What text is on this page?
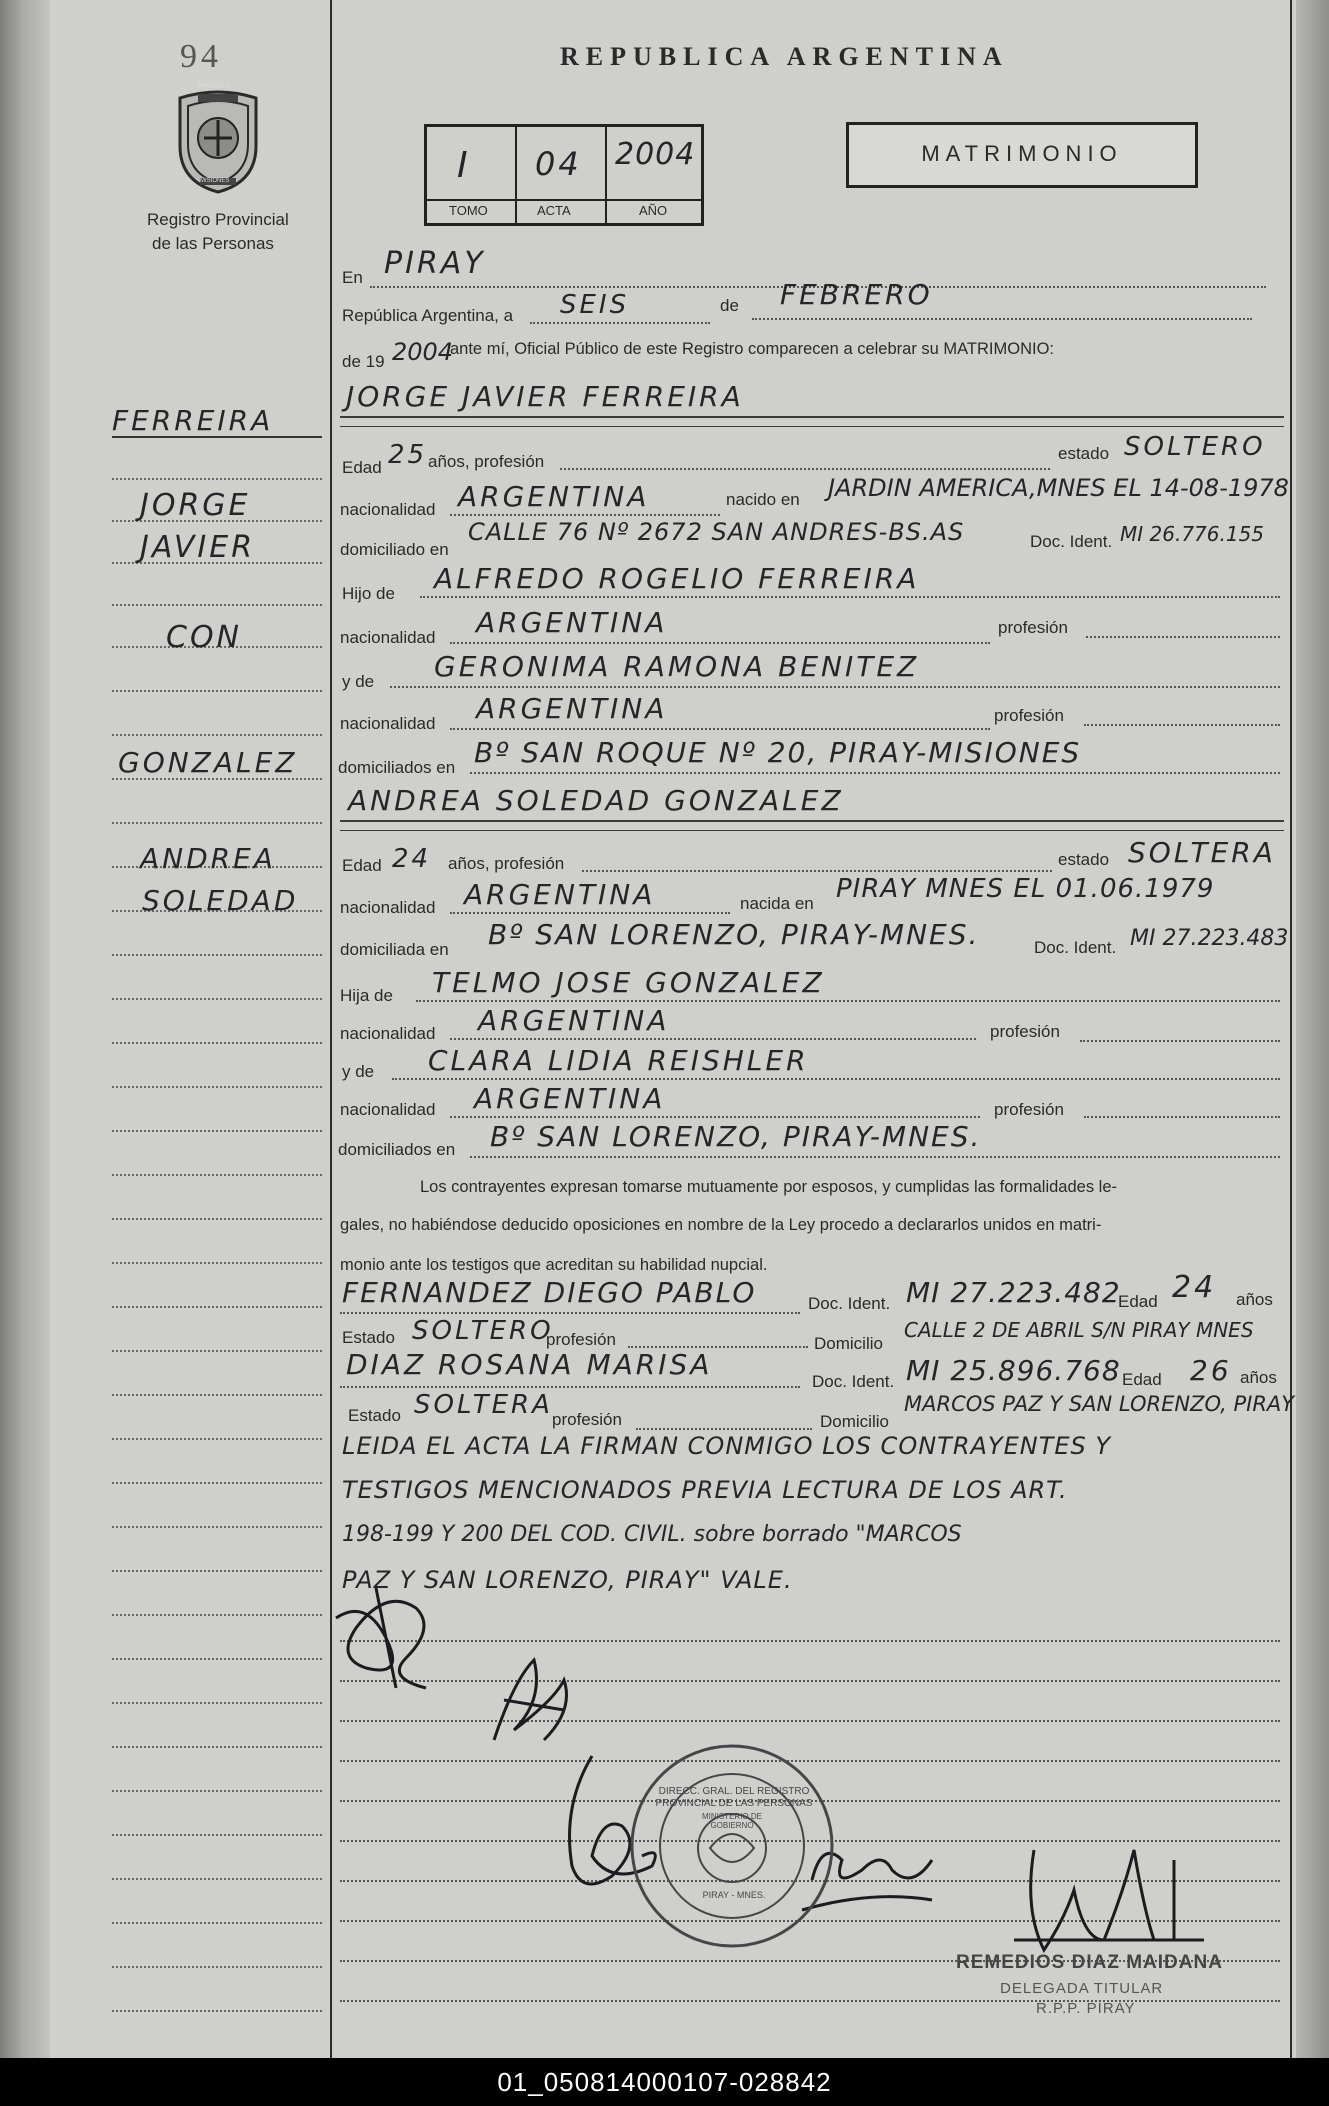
94
PROVINCIA
MISIONES
Registro Provincial
de las Personas
REPUBLICA ARGENTINA
I 04 2004
TOMO	ACTA	AÑO
MATRIMONIO
En PIRAY
República Argentina, a SEIS	de FEBRERO
de 19 2004
ante mí, Oficial Público de este Registro comparecen a celebrar su MATRIMONIO:
JORGE JAVIER FERREIRA
Edad 25 años, profesión	estado SOLTERO
nacionalidad ARGENTINA	nacido en JARDIN AMERICA,MNES EL 14-08-1978
domiciliado en
CALLE 76 Nº 2672 SAN ANDRES-BS.AS	Doc. Ident. MI 26.776.155
Hijo de ALFREDO ROGELIO FERREIRA
nacionalidad ARGENTINA	profesión
y de GERONIMA RAMONA BENITEZ
nacionalidad ARGENTINA	profesión
domiciliados en Bº SAN ROQUE Nº 20, PIRAY-MISIONES
ANDREA SOLEDAD GONZALEZ
Edad 24 años, profesión	estado SOLTERA
nacionalidad ARGENTINA	nacida en PIRAY MNES EL 01.06.1979
domiciliada en Bº SAN LORENZO, PIRAY-MNES.	Doc. Ident. MI 27.223.483
Hija de TELMO JOSE GONZALEZ
nacionalidad ARGENTINA	profesión
y de CLARA LIDIA REISHLER
nacionalidad ARGENTINA	profesión
domiciliados en Bº SAN LORENZO, PIRAY-MNES.
Los contrayentes expresan tomarse mutuamente por esposos, y cumplidas las formalidades le-
gales, no habiéndose deducido oposiciones en nombre de la Ley procedo a declararlos unidos en matri-
monio ante los testigos que acreditan su habilidad nupcial.
FERNANDEZ DIEGO PABLO	Doc. Ident. MI 27.223.482
Edad 24 años
Estado SOLTERO
profesión	Domicilio
CALLE 2 DE ABRIL S/N PIRAY MNES
DIAZ ROSANA MARISA
Doc. Ident. MI 25.896.768 Edad 26 años
Estado SOLTERA profesión	Domicilio
MARCOS PAZ Y SAN LORENZO, PIRAY
LEIDA EL ACTA LA FIRMAN CONMIGO LOS CONTRAYENTES Y
TESTIGOS MENCIONADOS PREVIA LECTURA DE LOS ART.
198-199 Y 200 DEL COD. CIVIL. sobre borrado "MARCOS
PAZ Y SAN LORENZO, PIRAY" VALE.
FERREIRA
JORGE
JAVIER
CON
GONZALEZ
ANDREA
SOLEDAD
DIRECC. GRAL. DEL REGISTRO PROVINCIAL DE LAS PERSONAS
MINISTERIO DE GOBIERNO
PIRAY - MNES.
REMEDIOS DIAZ MAIDANA
DELEGADA TITULAR
R.P.P. PIRAY
01_050814000107-028842
